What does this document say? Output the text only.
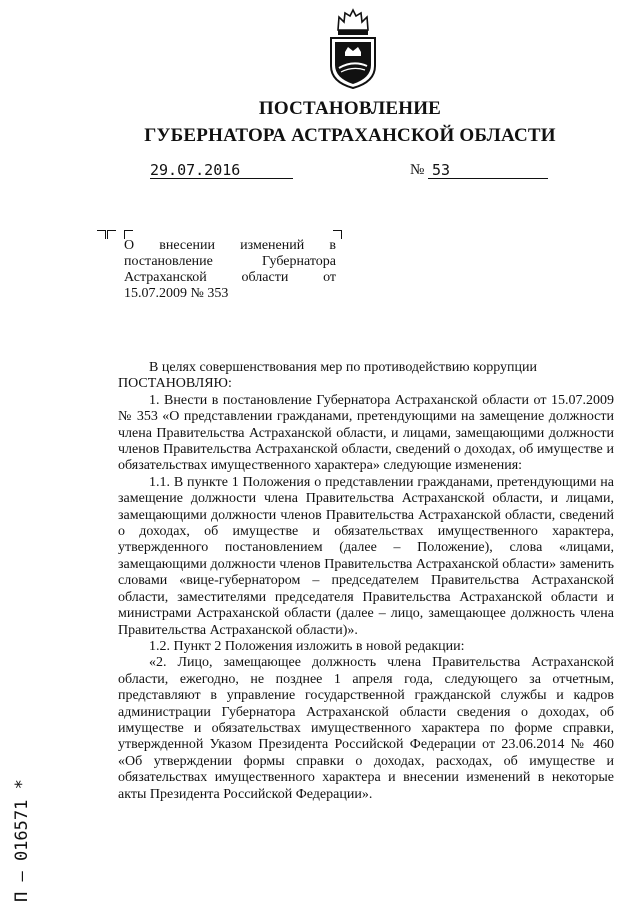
ПОСТАНОВЛЕНИЕ
ГУБЕРНАТОРА АСТРАХАНСКОЙ ОБЛАСТИ
29.07.2016	№ 53
О внесении изменений в постановление Губернатора Астраханской области от 15.07.2009 № 353

В целях совершенствования мер по противодействию коррупции

ПОСТАНОВЛЯЮ:

1. Внести в постановление Губернатора Астраханской области от 15.07.2009 № 353 «О представлении гражданами, претендующими на замещение должности члена Правительства Астраханской области, и лицами, замещающими должности членов Правительства Астраханской области, сведений о доходах, об имуществе и обязательствах имущественного характера» следующие изменения:

1.1. В пункте 1 Положения о представлении гражданами, претендующими на замещение должности члена Правительства Астраханской области, и лицами, замещающими должности членов Правительства Астраханской области, сведений о доходах, об имуществе и обязательствах имущественного характера, утвержденного постановлением (далее – Положение), слова «лицами, замещающими должности членов Правительства Астраханской области» заменить словами «вице-губернатором – председателем Правительства Астраханской области, заместителями председателя Правительства Астраханской области и министрами Астраханской области (далее – лицо, замещающее должность члена Правительства Астраханской области)».

1.2. Пункт 2 Положения изложить в новой редакции:

«2. Лицо, замещающее должность члена Правительства Астраханской области, ежегодно, не позднее 1 апреля года, следующего за отчетным, представляют в управление государственной гражданской службы и кадров администрации Губернатора Астраханской области сведения о доходах, об имуществе и обязательствах имущественного характера по форме справки, утвержденной Указом Президента Российской Федерации от 23.06.2014 № 460 «Об утверждении формы справки о доходах, расходах, об имуществе и обязательствах имущественного характера и внесении изменений в некоторые акты Президента Российской Федерации».

П – 016571 *
